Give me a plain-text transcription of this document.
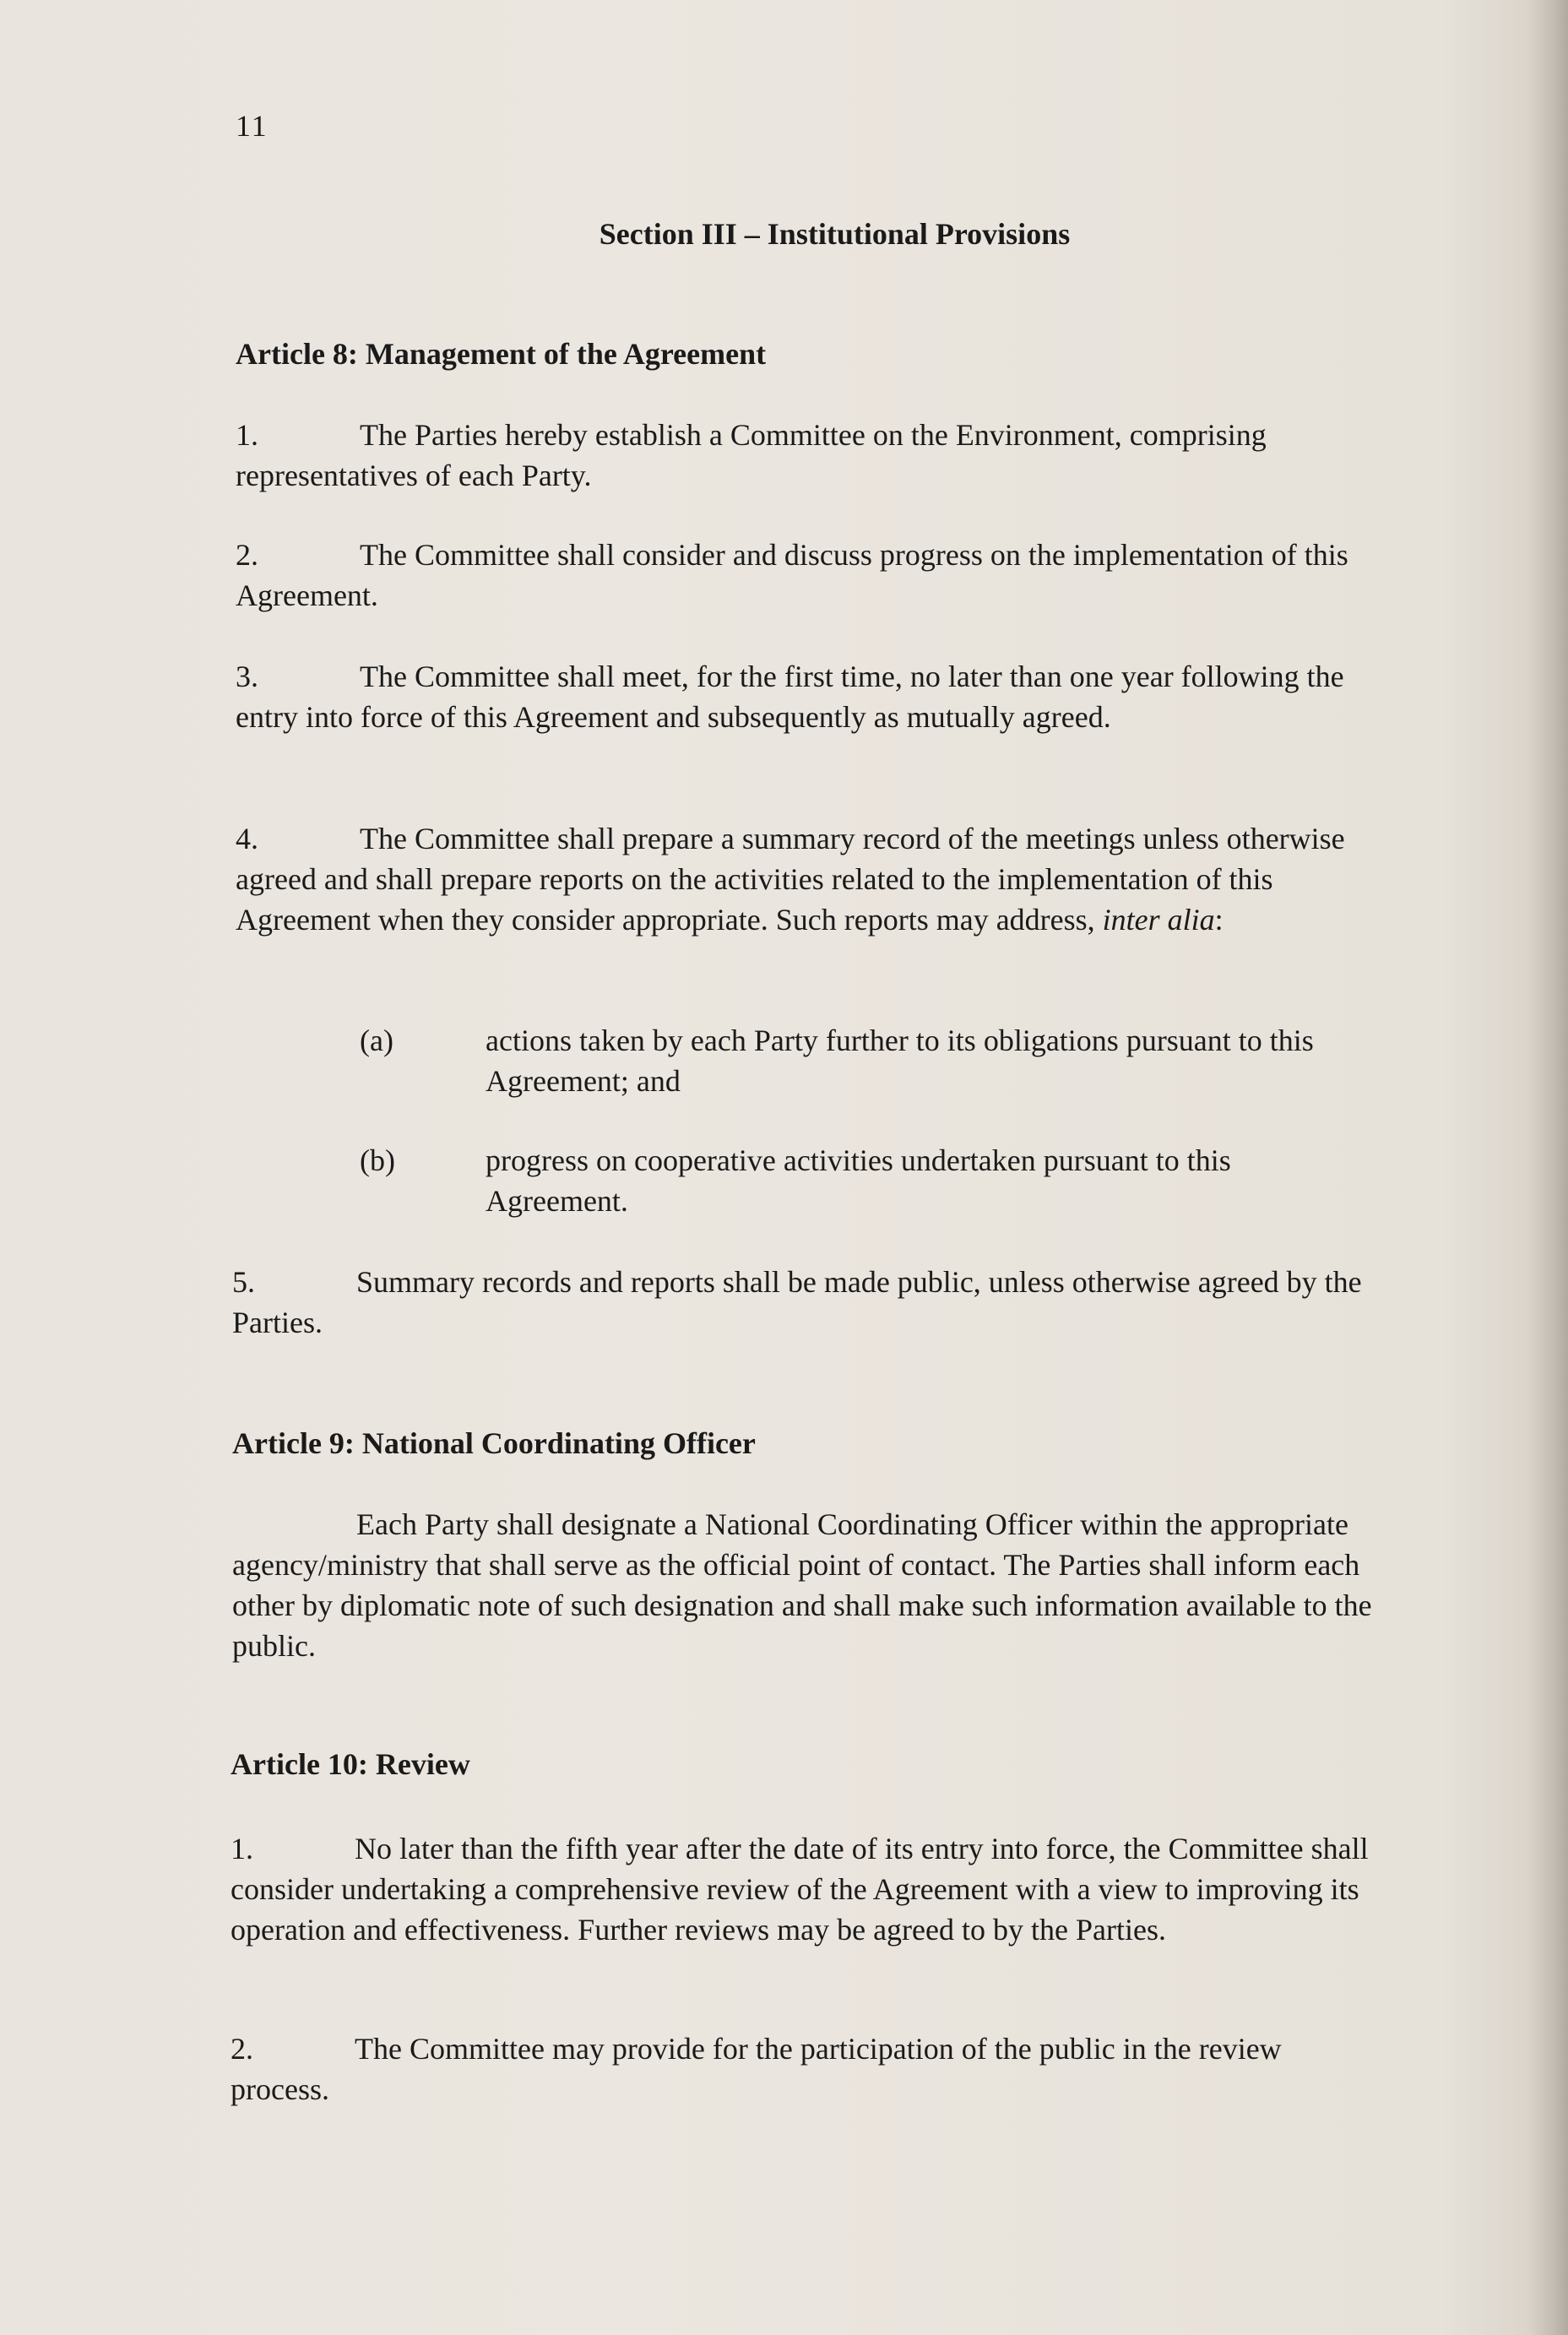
11
Section III – Institutional Provisions
Article 8: Management of the Agreement
1.	The Parties hereby establish a Committee on the Environment, comprising representatives of each Party.
2.	The Committee shall consider and discuss progress on the implementation of this Agreement.
3.	The Committee shall meet, for the first time, no later than one year following the entry into force of this Agreement and subsequently as mutually agreed.
4.	The Committee shall prepare a summary record of the meetings unless otherwise agreed and shall prepare reports on the activities related to the implementation of this Agreement when they consider appropriate. Such reports may address, inter alia:
(a)	actions taken by each Party further to its obligations pursuant to this Agreement; and
(b)	progress on cooperative activities undertaken pursuant to this Agreement.
5.	Summary records and reports shall be made public, unless otherwise agreed by the Parties.
Article 9: National Coordinating Officer
Each Party shall designate a National Coordinating Officer within the appropriate agency/ministry that shall serve as the official point of contact. The Parties shall inform each other by diplomatic note of such designation and shall make such information available to the public.
Article 10: Review
1.	No later than the fifth year after the date of its entry into force, the Committee shall consider undertaking a comprehensive review of the Agreement with a view to improving its operation and effectiveness. Further reviews may be agreed to by the Parties.
2.	The Committee may provide for the participation of the public in the review process.
